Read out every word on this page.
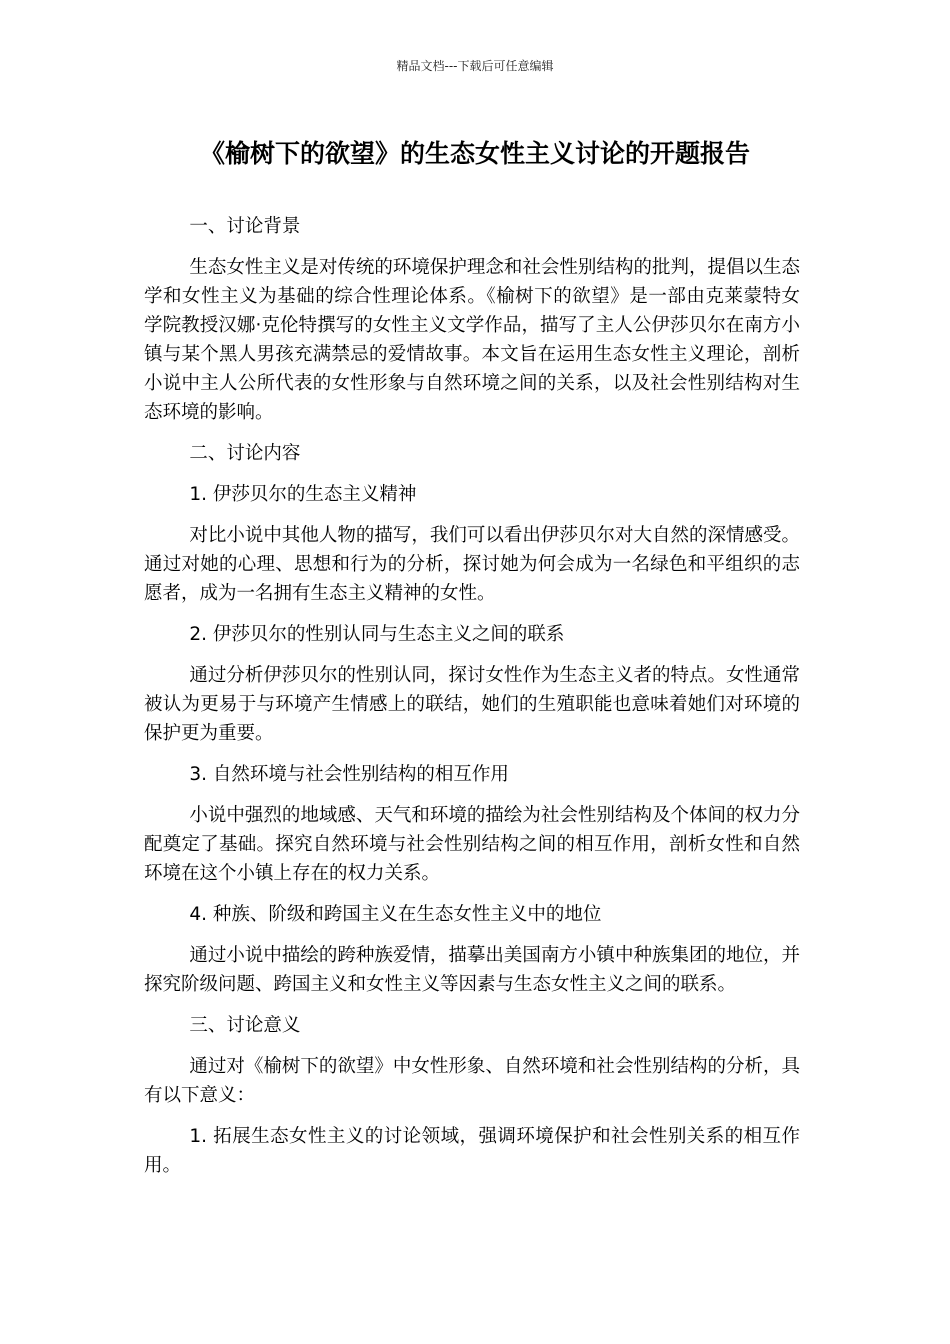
精品文档---下载后可任意编辑
《榆树下的欲望》的生态女性主义讨论的开题报告

一、讨论背景

生态女性主义是对传统的环境保护理念和社会性别结构的批判，提倡以生态学和女性主义为基础的综合性理论体系。《榆树下的欲望》是一部由克莱蒙特女学院教授汉娜·克伦特撰写的女性主义文学作品，描写了主人公伊莎贝尔在南方小镇与某个黑人男孩充满禁忌的爱情故事。本文旨在运用生态女性主义理论，剖析小说中主人公所代表的女性形象与自然环境之间的关系，以及社会性别结构对生态环境的影响。

二、讨论内容

1. 伊莎贝尔的生态主义精神

对比小说中其他人物的描写，我们可以看出伊莎贝尔对大自然的深情感受。通过对她的心理、思想和行为的分析，探讨她为何会成为一名绿色和平组织的志愿者，成为一名拥有生态主义精神的女性。

2. 伊莎贝尔的性别认同与生态主义之间的联系

通过分析伊莎贝尔的性别认同，探讨女性作为生态主义者的特点。女性通常被认为更易于与环境产生情感上的联结，她们的生殖职能也意味着她们对环境的保护更为重要。

3. 自然环境与社会性别结构的相互作用

小说中强烈的地域感、天气和环境的描绘为社会性别结构及个体间的权力分配奠定了基础。探究自然环境与社会性别结构之间的相互作用，剖析女性和自然环境在这个小镇上存在的权力关系。

4. 种族、阶级和跨国主义在生态女性主义中的地位

通过小说中描绘的跨种族爱情，描摹出美国南方小镇中种族集团的地位，并探究阶级问题、跨国主义和女性主义等因素与生态女性主义之间的联系。

三、讨论意义

通过对《榆树下的欲望》中女性形象、自然环境和社会性别结构的分析，具有以下意义：

1. 拓展生态女性主义的讨论领域，强调环境保护和社会性别关系的相互作用。
